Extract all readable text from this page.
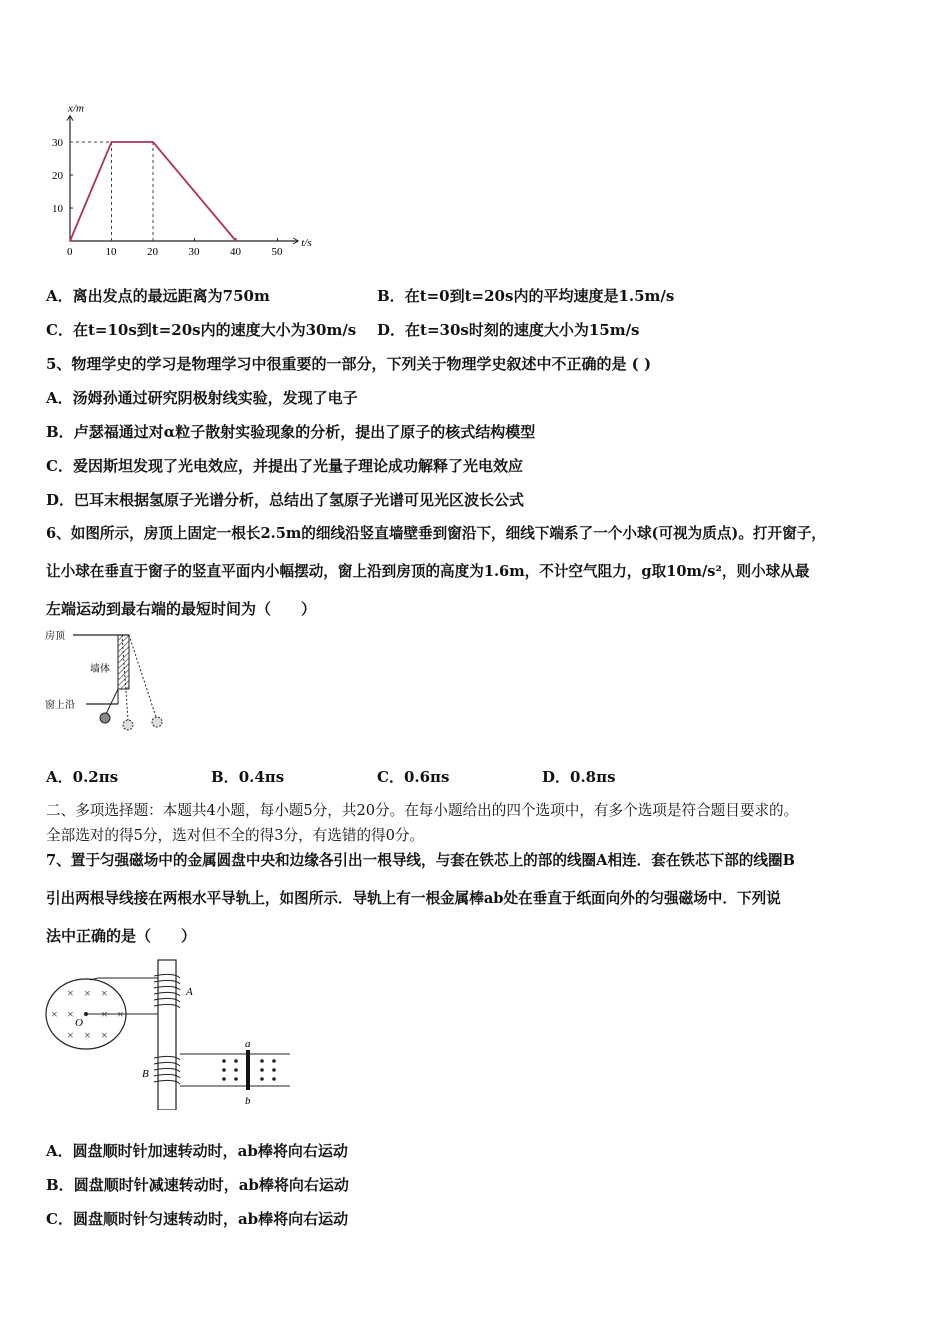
t/s
x/m
0	10	20	30	40	50
10
20
30
A．离出发点的最远距离为750m	B．在t=0到t=20s内的平均速度是1.5m/s
C．在t=10s到t=20s内的速度大小为30m/s D．在t=30s时刻的速度大小为15m/s
5、物理学史的学习是物理学习中很重要的一部分，下列关于物理学史叙述中不正确的是 ( )
A．汤姆孙通过研究阴极射线实验，发现了电子
B．卢瑟福通过对α粒子散射实验现象的分析，提出了原子的核式结构模型
C．爱因斯坦发现了光电效应，并提出了光量子理论成功解释了光电效应
D．巴耳末根据氢原子光谱分析，总结出了氢原子光谱可见光区波长公式
6、如图所示，房顶上固定一根长2.5m的细线沿竖直墙壁垂到窗沿下，细线下端系了一个小球(可视为质点)。打开窗子，
让小球在垂直于窗子的竖直平面内小幅摆动，窗上沿到房顶的高度为1.6m，不计空气阻力，g取10m/s²，则小球从最
左端运动到最右端的最短时间为（　　）
房顶
墙体
窗上沿
A．0.2πs	B．0.4πs	C．0.6πs	D．0.8πs
二、多项选择题：本题共4小题，每小题5分，共20分。在每小题给出的四个选项中，有多个选项是符合题目要求的。
全部选对的得5分，选对但不全的得3分，有选错的得0分。
7、置于匀强磁场中的金属圆盘中央和边缘各引出一根导线，与套在铁芯上的部的线圈A相连．套在铁芯下部的线圈B
引出两根导线接在两根水平导轨上，如图所示．导轨上有一根金属棒ab处在垂直于纸面向外的匀强磁场中．下列说
法中正确的是（　　）
× × ×
× × × ×
× × ×
O
A
B
a
b
A．圆盘顺时针加速转动时，ab棒将向右运动
B．圆盘顺时针减速转动时，ab棒将向右运动
C．圆盘顺时针匀速转动时，ab棒将向右运动
